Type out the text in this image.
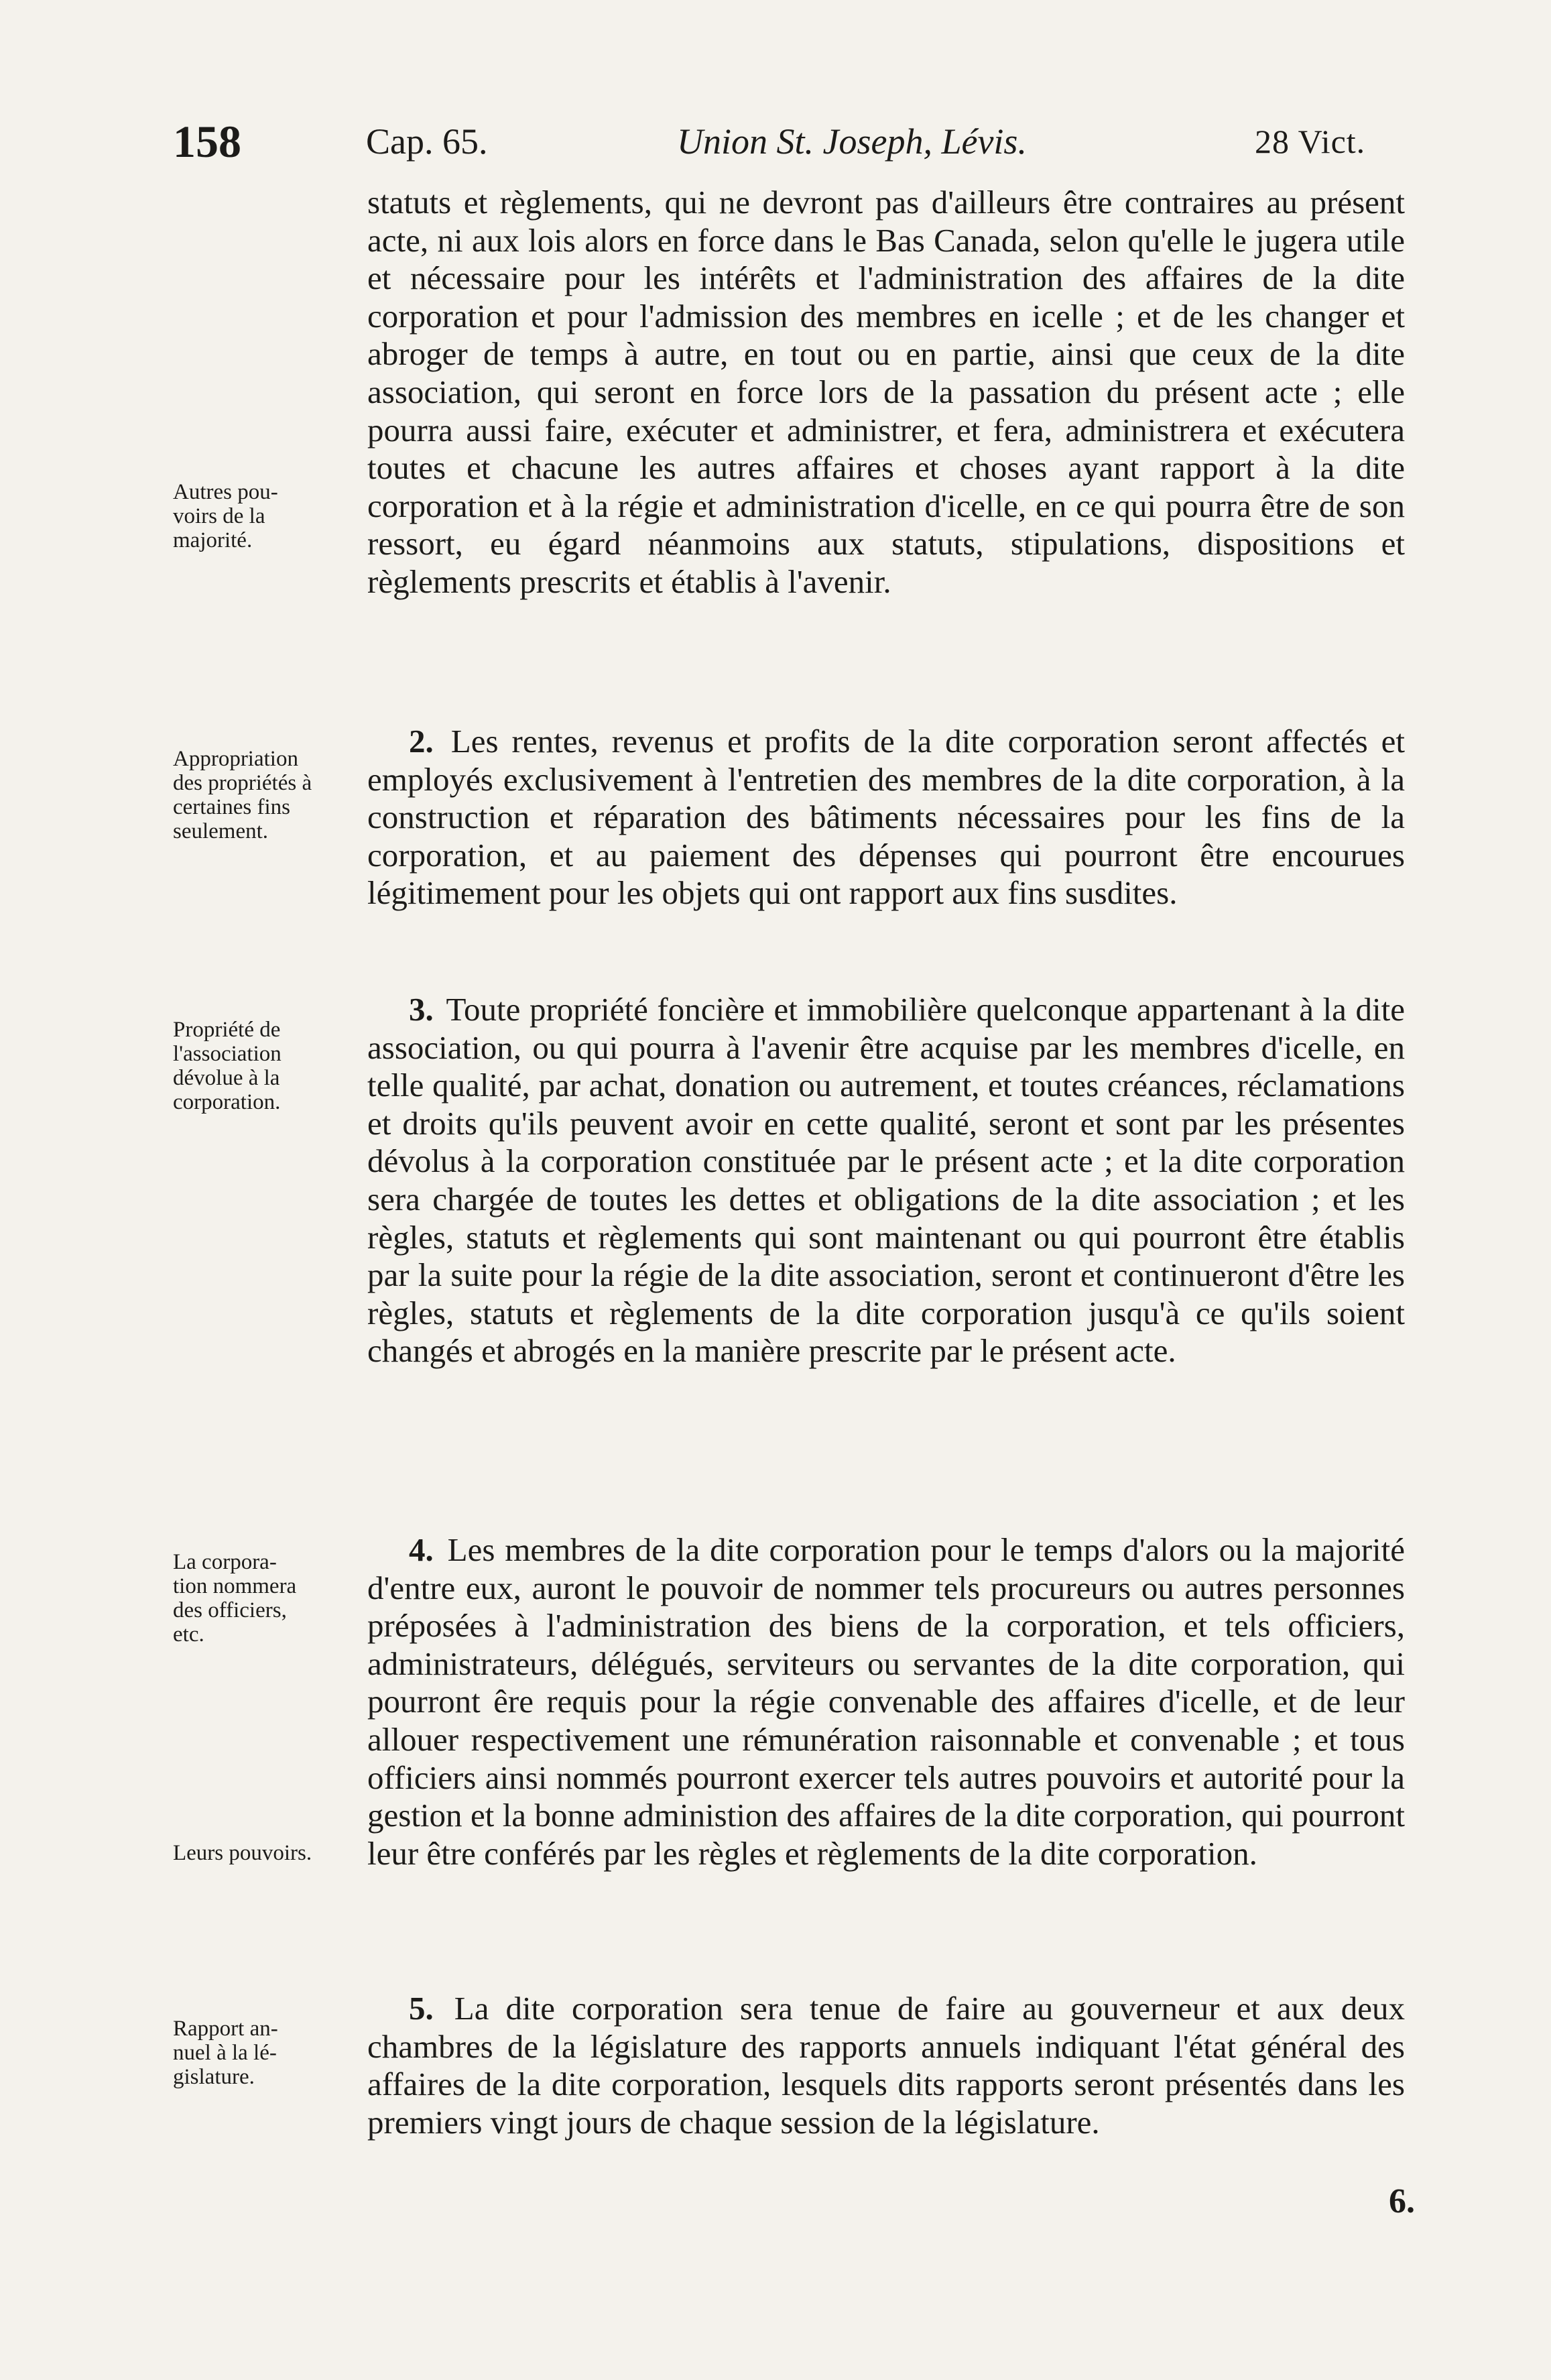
158	Cap. 65.	Union St. Joseph, Lévis.	28 Vict.

statuts et règlements, qui ne devront pas d'ailleurs être contraires au présent acte, ni aux lois alors en force dans le Bas Canada, selon qu'elle le jugera utile et nécessaire pour les intérêts et l'administration des affaires de la dite corporation et pour l'admission des membres en icelle ; et de les changer et abroger de temps à autre, en tout ou en partie, ainsi que ceux de la dite association, qui seront en force lors de la passation du présent acte ; elle pourra aussi faire, exécuter et administrer, et fera, administrera et exécutera toutes et chacune les autres affaires et choses ayant rapport à la dite corporation et à la régie et administration d'icelle, en ce qui pourra être de son ressort, eu égard néanmoins aux statuts, stipulations, dispositions et règlements prescrits et établis à l'avenir.

2. Les rentes, revenus et profits de la dite corporation seront affectés et employés exclusivement à l'entretien des membres de la dite corporation, à la construction et réparation des bâtiments nécessaires pour les fins de la corporation, et au paiement des dépenses qui pourront être encourues légitimement pour les objets qui ont rapport aux fins susdites.

3. Toute propriété foncière et immobilière quelconque appartenant à la dite association, ou qui pourra à l'avenir être acquise par les membres d'icelle, en telle qualité, par achat, donation ou autrement, et toutes créances, réclamations et droits qu'ils peuvent avoir en cette qualité, seront et sont par les présentes dévolus à la corporation constituée par le présent acte ; et la dite corporation sera chargée de toutes les dettes et obligations de la dite association ; et les règles, statuts et règlements qui sont maintenant ou qui pourront être établis par la suite pour la régie de la dite association, seront et continueront d'être les règles, statuts et règlements de la dite corporation jusqu'à ce qu'ils soient changés et abrogés en la manière prescrite par le présent acte.

4. Les membres de la dite corporation pour le temps d'alors ou la majorité d'entre eux, auront le pouvoir de nommer tels procureurs ou autres personnes préposées à l'administration des biens de la corporation, et tels officiers, administrateurs, délégués, serviteurs ou servantes de la dite corporation, qui pourront êre requis pour la régie convenable des affaires d'icelle, et de leur allouer respectivement une rémunération raisonnable et convenable ; et tous officiers ainsi nommés pourront exercer tels autres pouvoirs et autorité pour la gestion et la bonne administion des affaires de la dite corporation, qui pourront leur être conférés par les règles et règlements de la dite corporation.

5. La dite corporation sera tenue de faire au gouverneur et aux deux chambres de la législature des rapports annuels indiquant l'état général des affaires de la dite corporation, lesquels dits rapports seront présentés dans les premiers vingt jours de chaque session de la législature.

Autres pou-
voirs de la
majorité.

Appropriation
des propriétés à
certaines fins
seulement.

Propriété de
l'association
dévolue à la
corporation.

La corpora-
tion nommera
des officiers,
etc.

Leurs pouvoirs.

Rapport an-
nuel à la lé-
gislature.

6.
